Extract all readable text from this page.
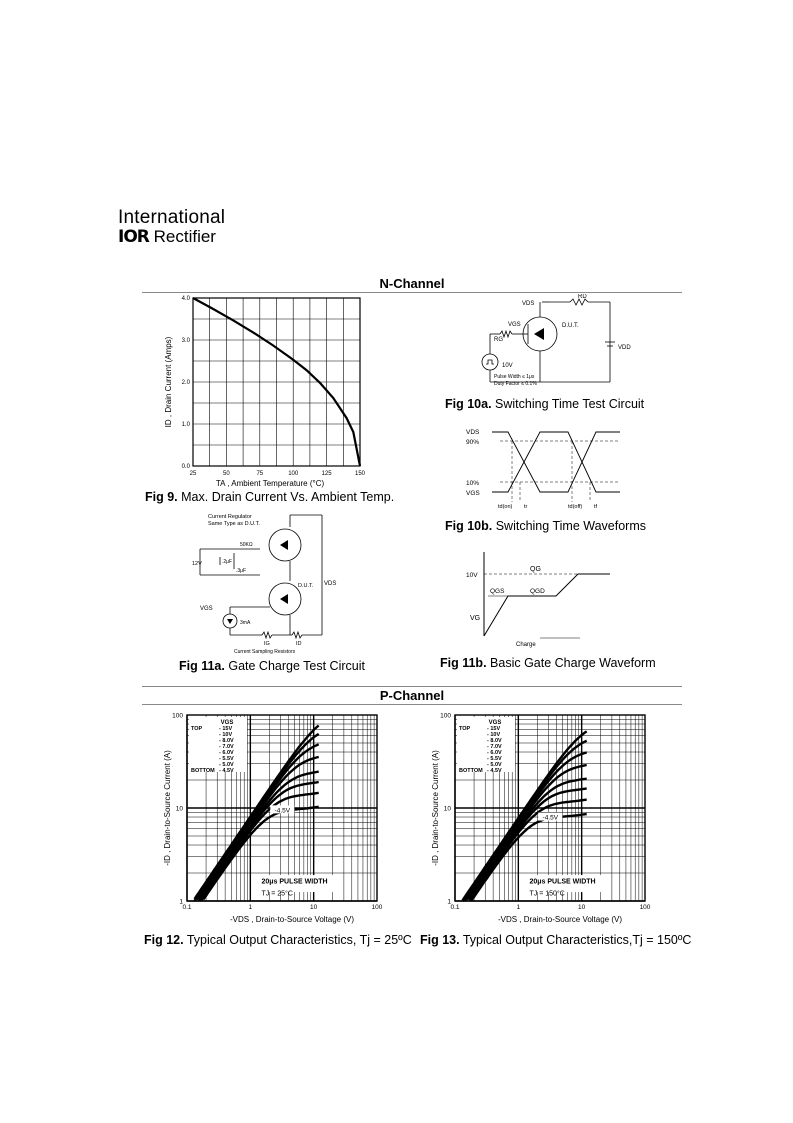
International
IOR Rectifier
N-Channel
25	50	75	100	125	150
0.0
1.0
2.0
3.0
4.0
TA , Ambient Temperature (°C)
ID , Drain Current (Amps)
Fig 9. Max. Drain Current Vs. Ambient Temp.
RD
VDS
VGS
RG
D.U.T.
VDD
10V
Pulse Width ≤ 1μs
Duty Factor ≤ 0.1%
Fig 10a. Switching Time Test Circuit
VDS
90%
10%
VGS
td(on) tr	td(off) tf
Fig 10b. Switching Time Waveforms
Current Regulator
Same Type as D.U.T.
50KΩ
12V	.2μF
.3μF
D.U.T. VDS
VGS
3mA
IG	ID
Current Sampling Resistors
Fig 11a. Gate Charge Test Circuit
QG
10V
QGS	QGD
VG
Charge
Fig 11b. Basic Gate Charge Waveform
P-Channel
0.1	1	10	100
1
10
100
VGS
TOP	- 15V
- 10V
- 8.0V
- 7.0V
- 6.0V
- 5.5V
- 5.0V
BOTTOM - 4.5V
-4.5V
20μs PULSE WIDTH
TJ = 25°C
-VDS , Drain-to-Source Voltage (V)
-ID , Drain-to-Source Current (A)
Fig 12. Typical Output Characteristics, Tj = 25ºC
0.1	1	10	100
1
10
100
VGS
TOP	- 15V
- 10V
- 8.0V
- 7.0V
- 6.0V
- 5.5V
- 5.0V
BOTTOM - 4.5V
-4.5V
20μs PULSE WIDTH
TJ = 150°C
-VDS , Drain-to-Source Voltage (V)
-ID , Drain-to-Source Current (A)
Fig 13. Typical Output Characteristics,Tj = 150ºC
